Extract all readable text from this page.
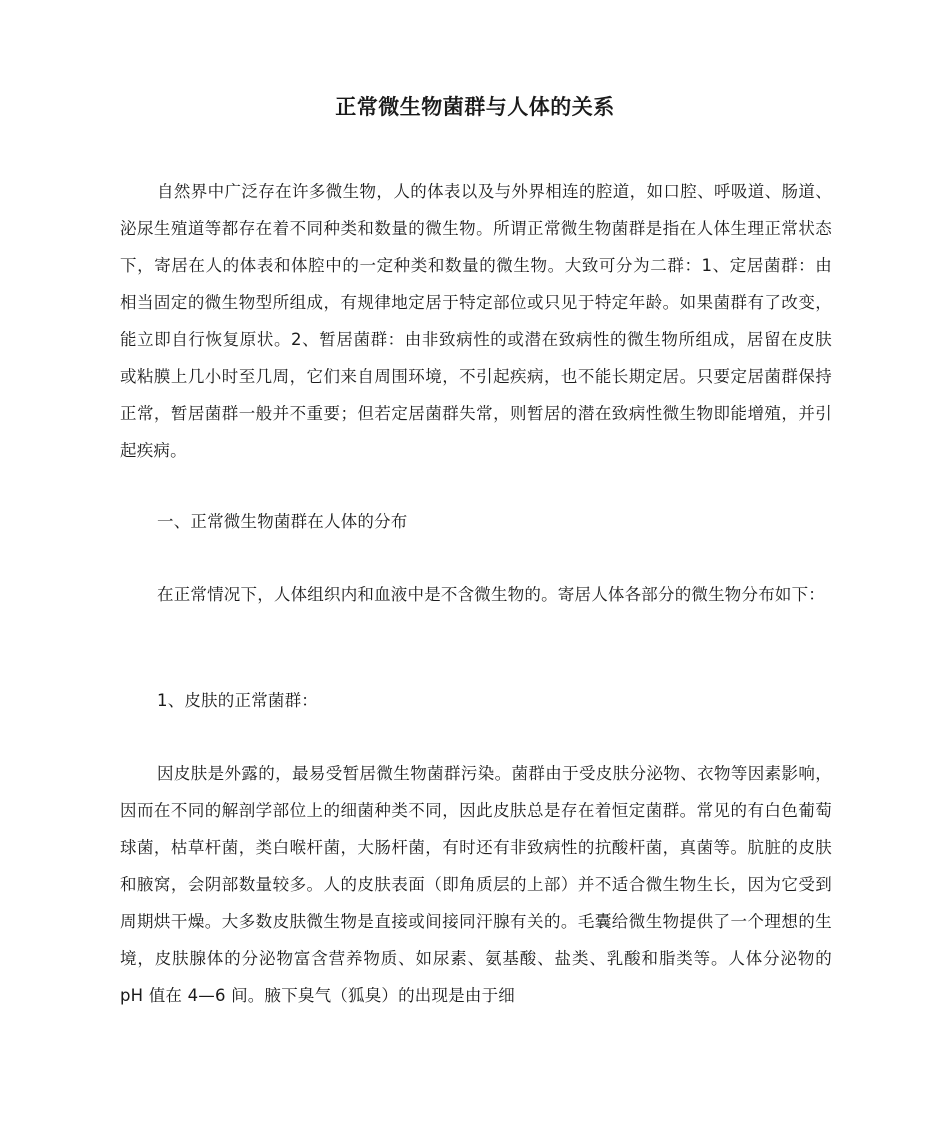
正常微生物菌群与人体的关系

自然界中广泛存在许多微生物，人的体表以及与外界相连的腔道，如口腔、呼吸道、肠道、泌尿生殖道等都存在着不同种类和数量的微生物。所谓正常微生物菌群是指在人体生理正常状态下，寄居在人的体表和体腔中的一定种类和数量的微生物。大致可分为二群：1、定居菌群：由相当固定的微生物型所组成，有规律地定居于特定部位或只见于特定年龄。如果菌群有了改变，能立即自行恢复原状。2、暂居菌群：由非致病性的或潜在致病性的微生物所组成，居留在皮肤或粘膜上几小时至几周，它们来自周围环境，不引起疾病，也不能长期定居。只要定居菌群保持正常，暂居菌群一般并不重要；但若定居菌群失常，则暂居的潜在致病性微生物即能增殖，并引起疾病。

一、正常微生物菌群在人体的分布

在正常情况下，人体组织内和血液中是不含微生物的。寄居人体各部分的微生物分布如下：

1、皮肤的正常菌群：

因皮肤是外露的，最易受暂居微生物菌群污染。菌群由于受皮肤分泌物、衣物等因素影响，因而在不同的解剖学部位上的细菌种类不同，因此皮肤总是存在着恒定菌群。常见的有白色葡萄球菌，枯草杆菌，类白喉杆菌，大肠杆菌，有时还有非致病性的抗酸杆菌，真菌等。肮脏的皮肤和腋窝，会阴部数量较多。人的皮肤表面（即角质层的上部）并不适合微生物生长，因为它受到周期烘干燥。大多数皮肤微生物是直接或间接同汗腺有关的。毛囊给微生物提供了一个理想的生境，皮肤腺体的分泌物富含营养物质、如尿素、氨基酸、盐类、乳酸和脂类等。人体分泌物的 pH 值在 4—6 间。腋下臭气（狐臭）的出现是由于细
